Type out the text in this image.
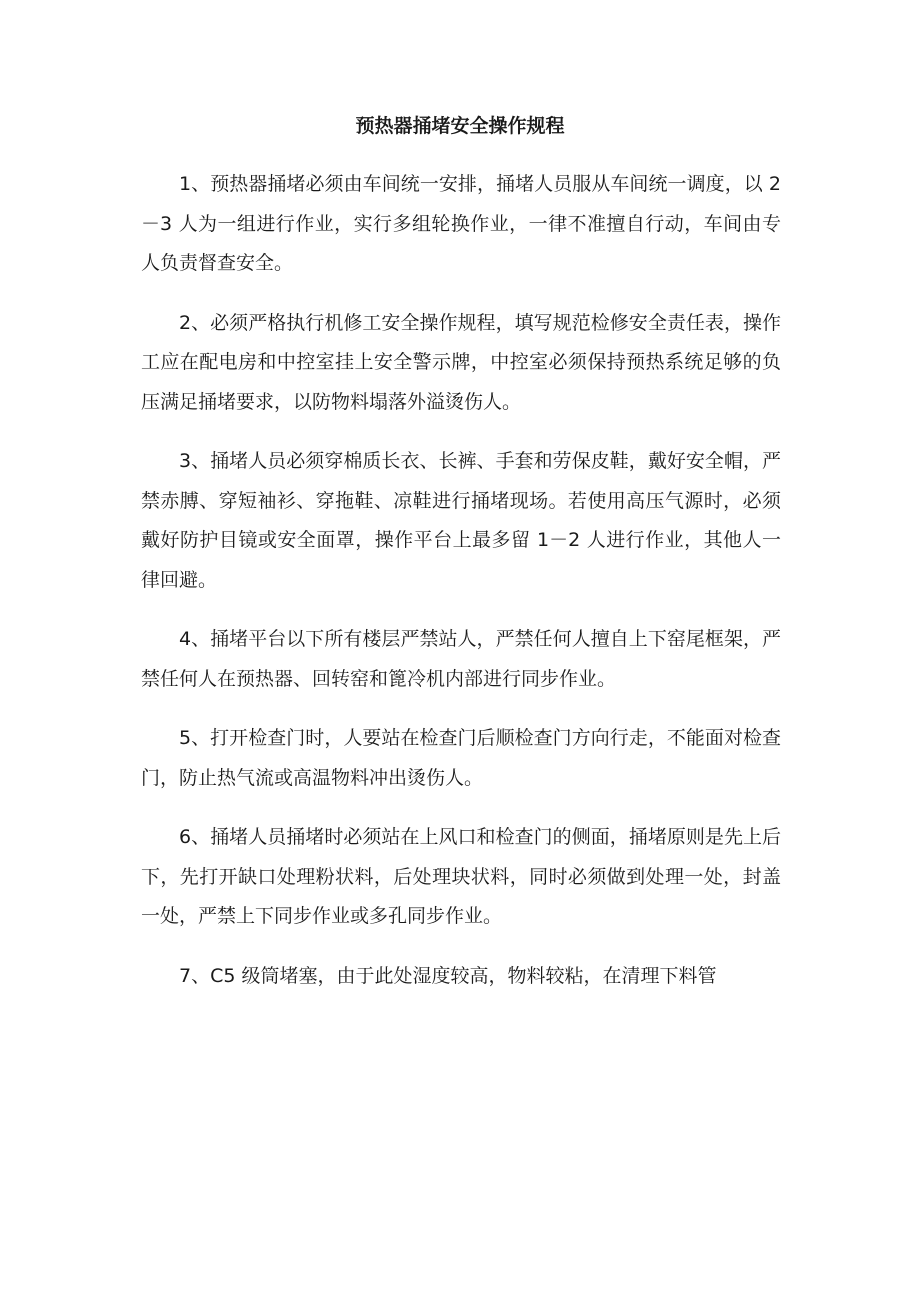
预热器捅堵安全操作规程

1、预热器捅堵必须由车间统一安排，捅堵人员服从车间统一调度，以 2－3 人为一组进行作业，实行多组轮换作业，一律不准擅自行动，车间由专人负责督查安全。

2、必须严格执行机修工安全操作规程，填写规范检修安全责任表，操作工应在配电房和中控室挂上安全警示牌，中控室必须保持预热系统足够的负压满足捅堵要求，以防物料塌落外溢烫伤人。

3、捅堵人员必须穿棉质长衣、长裤、手套和劳保皮鞋，戴好安全帽，严禁赤膊、穿短袖衫、穿拖鞋、凉鞋进行捅堵现场。若使用高压气源时，必须戴好防护目镜或安全面罩，操作平台上最多留 1－2 人进行作业，其他人一律回避。

4、捅堵平台以下所有楼层严禁站人，严禁任何人擅自上下窑尾框架，严禁任何人在预热器、回转窑和篦冷机内部进行同步作业。

5、打开检查门时，人要站在检查门后顺检查门方向行走，不能面对检查门，防止热气流或高温物料冲出烫伤人。

6、捅堵人员捅堵时必须站在上风口和检查门的侧面，捅堵原则是先上后下，先打开缺口处理粉状料，后处理块状料，同时必须做到处理一处，封盖一处，严禁上下同步作业或多孔同步作业。

7、C5 级筒堵塞，由于此处湿度较高，物料较粘，在清理下料管
